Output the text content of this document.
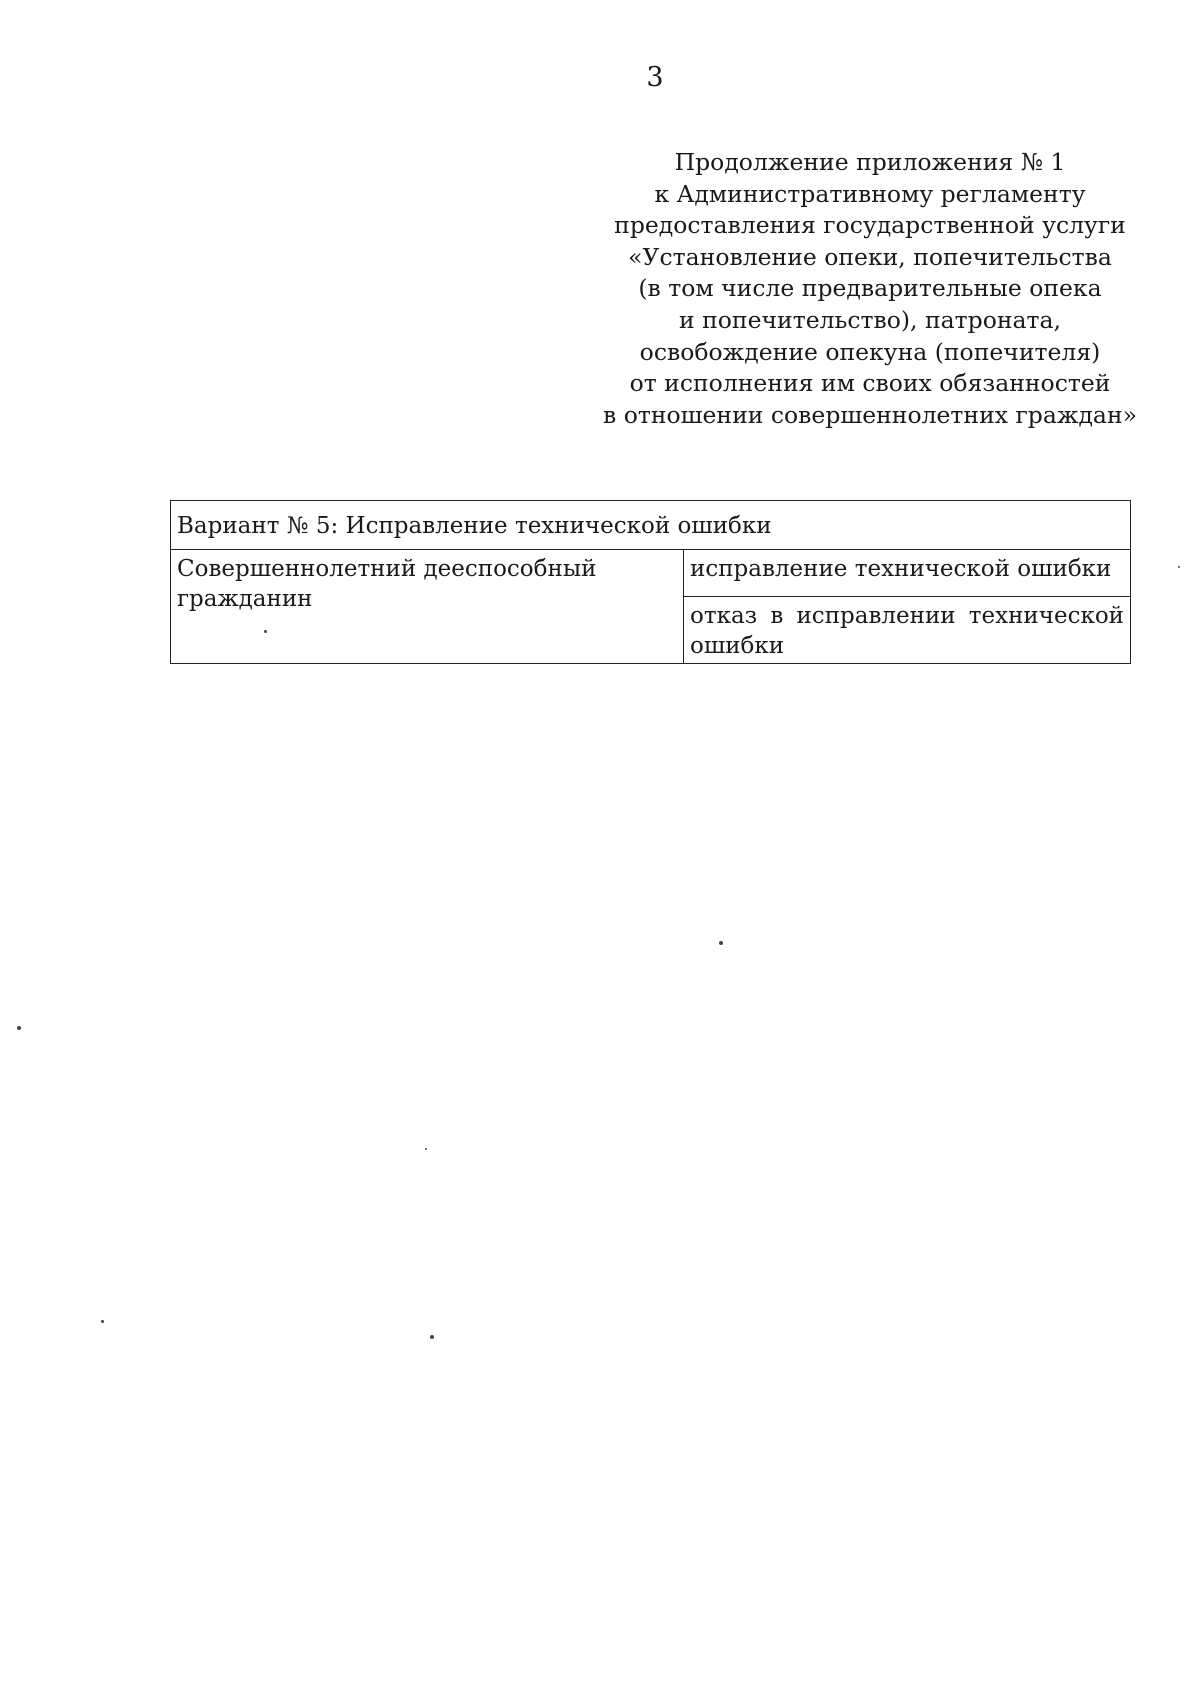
3
Продолжение приложения № 1
к Административному регламенту
предоставления государственной услуги
«Установление опеки, попечительства
(в том числе предварительные опека
и попечительство), патроната,
освобождение опекуна (попечителя)
от исполнения им своих обязанностей
в отношении совершеннолетних граждан»
Вариант № 5: Исправление технической ошибки
Совершеннолетний дееспособный гражданин	исправление технической ошибки
отказ в исправлении технической ошибки
